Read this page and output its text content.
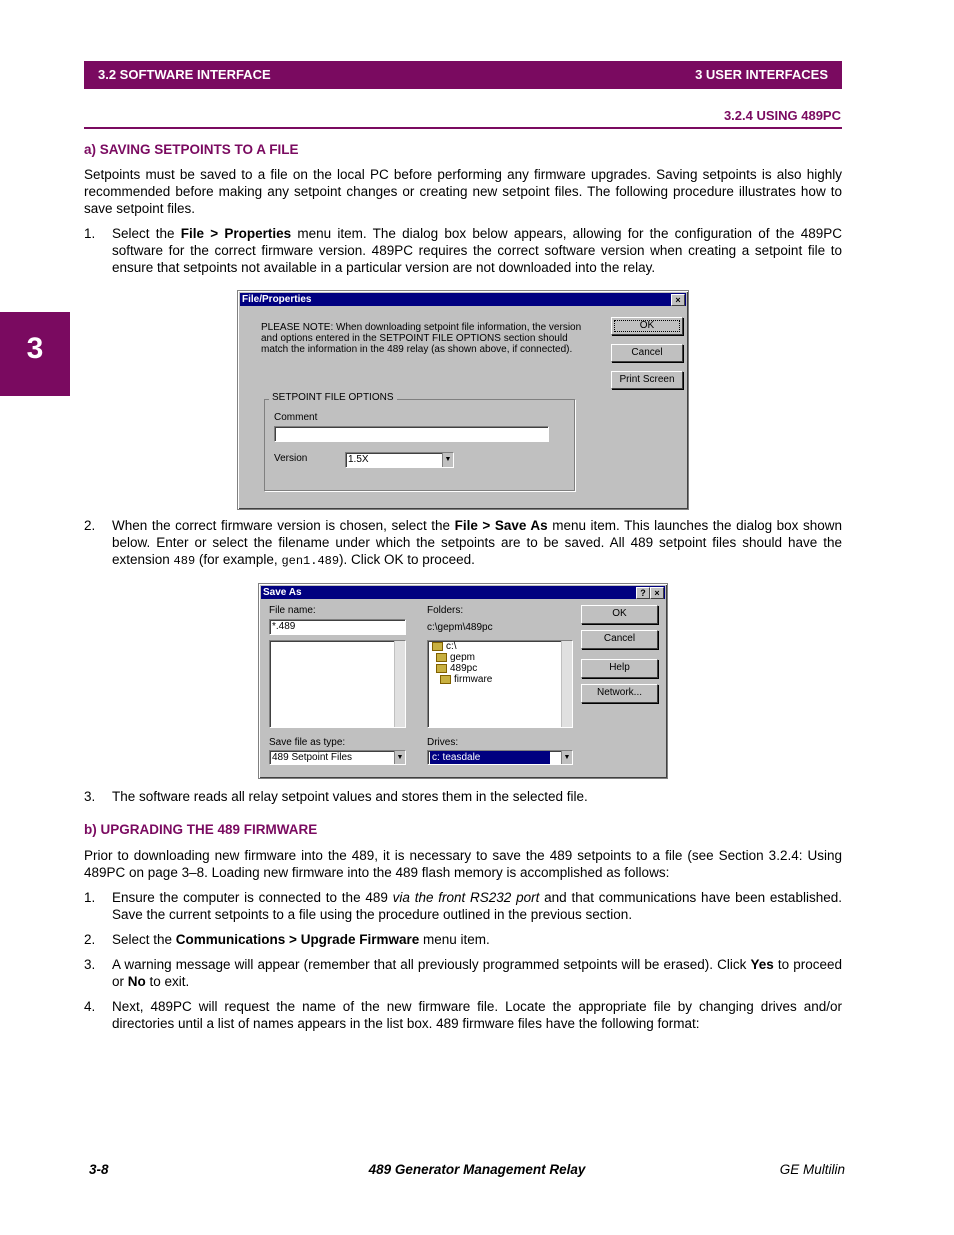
3.2 SOFTWARE INTERFACE	3 USER INTERFACES
3.2.4 USING 489PC
3
a) SAVING SETPOINTS TO A FILE
Setpoints must be saved to a file on the local PC before performing any firmware upgrades. Saving setpoints is also highly recommended before making any setpoint changes or creating new setpoint files. The following procedure illustrates how to save setpoint files.
1. Select the File > Properties menu item. The dialog box below appears, allowing for the configuration of the 489PC software for the correct firmware version. 489PC requires the correct software version when creating a setpoint file to ensure that setpoints not available in a particular version are not downloaded into the relay.
File/Properties	×
PLEASE NOTE: When downloading setpoint file information, the version and options entered in the SETPOINT FILE OPTIONS section should match the information in the 489 relay (as shown above, if connected).
OK
Cancel
Print Screen
SETPOINT FILE OPTIONS
Comment
Version	1.5X	▼
2. When the correct firmware version is chosen, select the File > Save As menu item. This launches the dialog box shown below. Enter or select the filename under which the setpoints are to be saved. All 489 setpoint files should have the extension 489 (for example, gen1.489). Click OK to proceed.
Save As	? ×
File name:
*.489
Folders:
c:\gepm\489pc
c:\
gepm
489pc
firmware
Save file as type:
489 Setpoint Files	▼
Drives:
c: teasdale	▼
OK
Cancel
Help
Network...
3. The software reads all relay setpoint values and stores them in the selected file.
b) UPGRADING THE 489 FIRMWARE
Prior to downloading new firmware into the 489, it is necessary to save the 489 setpoints to a file (see Section 3.2.4: Using 489PC on page 3–8. Loading new firmware into the 489 flash memory is accomplished as follows:
1. Ensure the computer is connected to the 489 via the front RS232 port and that communications have been established. Save the current setpoints to a file using the procedure outlined in the previous section.
2. Select the Communications > Upgrade Firmware menu item.
3. A warning message will appear (remember that all previously programmed setpoints will be erased). Click Yes to proceed or No to exit.
4. Next, 489PC will request the name of the new firmware file. Locate the appropriate file by changing drives and/or directories until a list of names appears in the list box. 489 firmware files have the following format:
3-8	489 Generator Management Relay	GE Multilin
